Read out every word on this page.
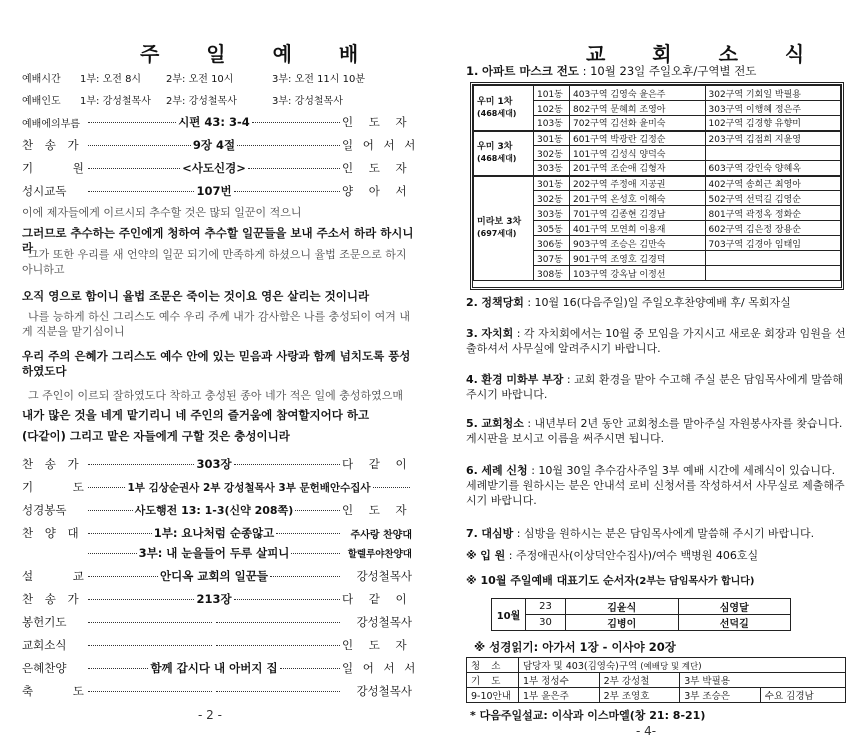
주 일 예 배
예배시간 1부: 오전 8시 2부: 오전 10시	3부: 오전 11시 10분
예배인도 1부: 강성철목사 2부: 강성철목사	3부: 강성철목사
예배에의부름	시편 43: 3-4	인 도 자
찬 송 가	9장 4절	일 어 서 서
기 원	<사도신경>	인 도 자
성시교독	107번	양 아 서
이에 제자들에게 이르시되 추수할 것은 많되 일꾼이 적으니
그러므로 추수하는 주인에게 청하여 추수할 일꾼들을 보내 주소서 하라 하시니라
그가 또한 우리를 새 언약의 일꾼 되기에 만족하게 하셨으니 율법 조문으로 하지 아니하고
오직 영으로 함이니 율법 조문은 죽이는 것이요 영은 살리는 것이니라
나를 능하게 하신 그리스도 예수 우리 주께 내가 감사함은 나를 충성되이 여겨 내게 직분을 맡기심이니
우리 주의 은혜가 그리스도 예수 안에 있는 믿음과 사랑과 함께 넘치도록 풍성하였도다
그 주인이 이르되 잘하였도다 착하고 충성된 종아 네가 적은 일에 충성하였으매
내가 많은 것을 네게 맡기리니 네 주인의 즐거움에 참여할지어다 하고
(다같이) 그리고 맡은 자들에게 구할 것은 충성이니라
찬 송 가	303장	다 같 이
기 도 1부 김상순권사 2부 강성철목사 3부 문헌배안수집사
성경봉독	사도행전 13: 1-3(신약 208쪽)	인 도 자
찬 양 대	1부: 요나처럼 순종않고	주사랑 찬양대
3부: 내 눈을들어 두루 살피니	할렐루야찬양대
설 교	안디옥 교회의 일꾼들	강성철목사
찬 송 가	213장	다 같 이
봉헌기도	강성철목사
교회소식	인 도 자
은혜찬양	함께 갑시다 내 아버지 집	일 어 서 서
축 도	강성철목사
- 2 -
교 회 소 식
1. 아파트 마스크 전도 : 10월 23일 주일오후/구역별 전도
우미 1차
(468세대)	101동	403구역 김영숙 윤은주	302구역 기회일 박필용
	102동	802구역 문혜희 조영아	303구역 이행혜 정은주
	103동	702구역 김선화 윤미숙	102구역 김경향 유향미

우미 3차
(468세대)	301동	601구역 박광란 김정순	203구역 김점희 지윤영
	302동	101구역 김성식 양덕숙	
	303동	201구역 조순애 김형자	603구역 강인숙 양혜옥

미라보 3차
(697세대)	301동	202구역 주정애 지공권	402구역 송희근 최영아
	302동	201구역 온성호 이해숙	502구역 선덕길 김영순
	303동	701구역 김종현 김경남	801구역 곽정옥 정화순
	305동	401구역 모연희 이용재	602구역 김은정 장용순
	306동	903구역 조승은 김만숙	703구역 김경아 임태임
	307동	901구역 조영호 김경덕	
	308동	103구역 강옥남 이정선	
2. 정책당회 : 10월 16(다음주일)일 주일오후찬양예배 후/ 목회자실
3. 자치회 : 각 자치회에서는 10월 중 모임을 가지시고 새로운 회장과 임원을 선출하셔서 사무실에 알려주시기 바랍니다.
4. 환경 미화부 부장 : 교회 환경을 맡아 수고해 주실 분은 담임목사에게 말씀해 주시기 바랍니다.
5. 교회청소 : 내년부터 2년 동안 교회청소를 맡아주실 자원봉사자를 찾습니다. 게시판을 보시고 이름을 써주시면 됩니다.
6. 세례 신청 : 10월 30일 추수감사주일 3부 예배 시간에 세례식이 있습니다. 세례받기를 원하시는 분은 안내석 로비 신청서를 작성하셔서 사무실로 제출해주시기 바랍니다.
7. 대심방 : 심방을 원하시는 분은 담임목사에게 말씀해 주시기 바랍니다.
※ 입 원 : 주정애권사(이상덕안수집사)/여수 백병원 406호실
※ 10월 주일예배 대표기도 순서자(2부는 담임목사가 합니다)
10월	23	김윤식	심영달
	30	김병이	선덕길
※ 성경읽기: 아가서 1장 - 이사야 20장
청 소	담당자 및 403(김영숙)구역 (예배당 및 계단)			
기 도	1부 정성수	2부 강성철	3부 박필용	
9-10안내	1부 윤은주	2부 조영호	3부 조승은	수요 김경남
* 다음주일설교: 이삭과 이스마엘(창 21: 8-21)
- 4-
